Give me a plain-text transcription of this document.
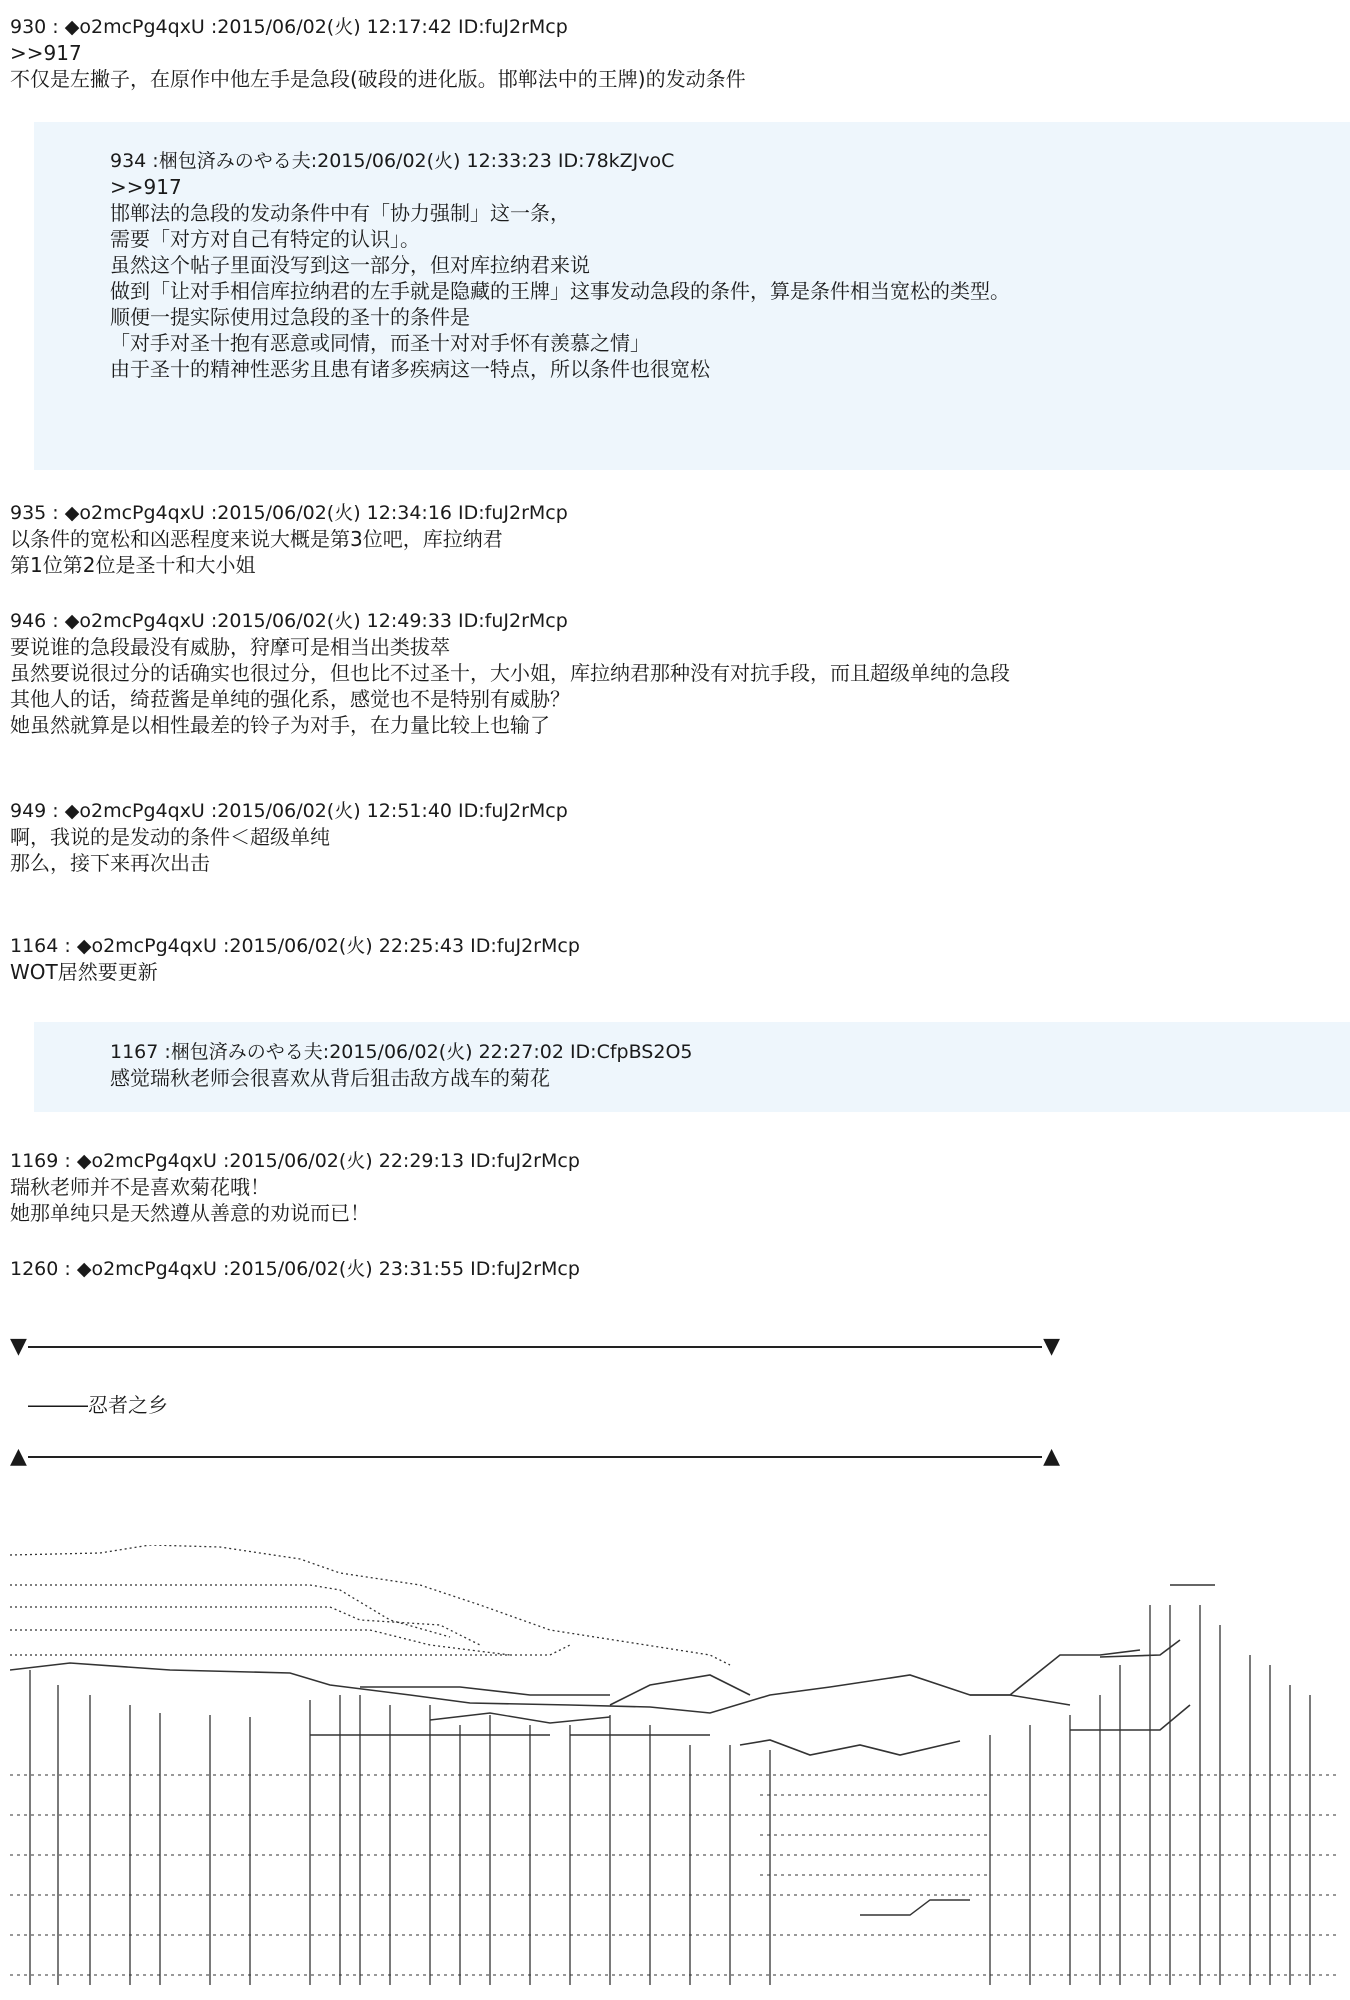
930 : ◆o2mcPg4qxU :2015/06/02(火) 12:17:42 ID:fuJ2rMcp
>>917
不仅是左撇子，在原作中他左手是急段(破段的进化版。邯郸法中的王牌)的发动条件
934 :梱包済みのやる夫:2015/06/02(火) 12:33:23 ID:78kZJvoC
>>917
邯郸法的急段的发动条件中有「协力强制」这一条，
需要「对方对自己有特定的认识」。
虽然这个帖子里面没写到这一部分，但对库拉纳君来说
做到「让对手相信库拉纳君的左手就是隐藏的王牌」这事发动急段的条件，算是条件相当宽松的类型。
顺便一提实际使用过急段的圣十的条件是
「对手对圣十抱有恶意或同情，而圣十对对手怀有羡慕之情」
由于圣十的精神性恶劣且患有诸多疾病这一特点，所以条件也很宽松
935 : ◆o2mcPg4qxU :2015/06/02(火) 12:34:16 ID:fuJ2rMcp
以条件的宽松和凶恶程度来说大概是第3位吧，库拉纳君
第1位第2位是圣十和大小姐
946 : ◆o2mcPg4qxU :2015/06/02(火) 12:49:33 ID:fuJ2rMcp
要说谁的急段最没有威胁，狩摩可是相当出类拔萃
虽然要说很过分的话确实也很过分，但也比不过圣十，大小姐，库拉纳君那种没有对抗手段，而且超级单纯的急段
其他人的话，绮菈酱是单纯的强化系，感觉也不是特别有威胁？
她虽然就算是以相性最差的铃子为对手，在力量比较上也输了
949 : ◆o2mcPg4qxU :2015/06/02(火) 12:51:40 ID:fuJ2rMcp
啊，我说的是发动的条件＜超级单纯
那么，接下来再次出击
1164 : ◆o2mcPg4qxU :2015/06/02(火) 22:25:43 ID:fuJ2rMcp
WOT居然要更新
1167 :梱包済みのやる夫:2015/06/02(火) 22:27:02 ID:CfpBS2O5
感觉瑞秋老师会很喜欢从背后狙击敌方战车的菊花
1169 : ◆o2mcPg4qxU :2015/06/02(火) 22:29:13 ID:fuJ2rMcp
瑞秋老师并不是喜欢菊花哦！
她那单纯只是天然遵从善意的劝说而已！
1260 : ◆o2mcPg4qxU :2015/06/02(火) 23:31:55 ID:fuJ2rMcp
▼	▼
―――忍者之乡
▲	▲
